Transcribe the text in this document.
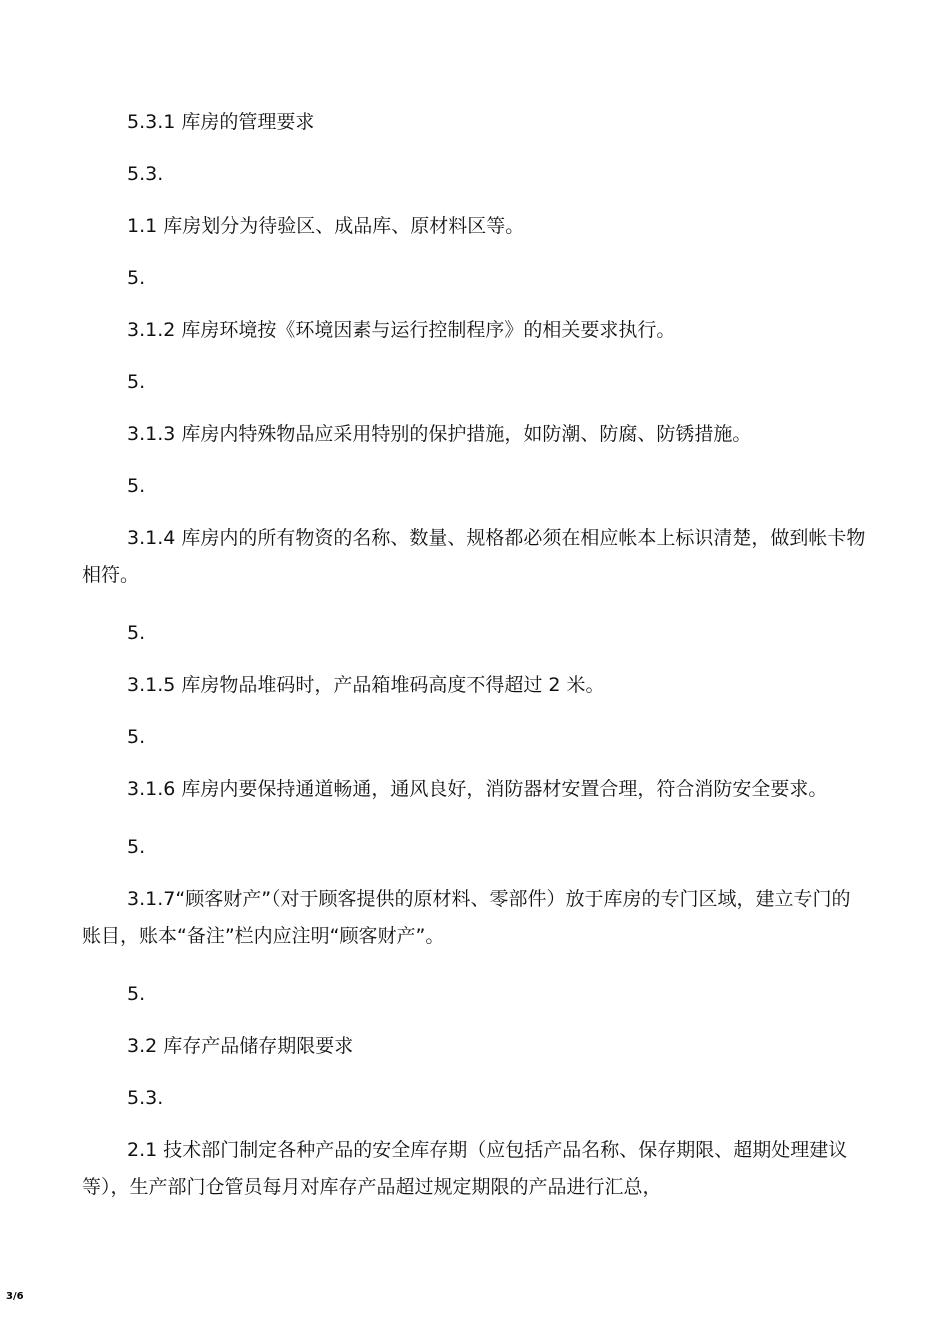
5.3.1 库房的管理要求

5.3.

1.1 库房划分为待验区、成品库、原材料区等。

5.

3.1.2 库房环境按《环境因素与运行控制程序》的相关要求执行。

5.

3.1.3 库房内特殊物品应采用特别的保护措施，如防潮、防腐、防锈措施。

5.

3.1.4 库房内的所有物资的名称、数量、规格都必须在相应帐本上标识清楚，做到帐卡物相符。

5.

3.1.5 库房物品堆码时，产品箱堆码高度不得超过 2 米。

5.

3.1.6 库房内要保持通道畅通，通风良好，消防器材安置合理，符合消防安全要求。

5.

3.1.7“顾客财产”（对于顾客提供的原材料、零部件）放于库房的专门区域，建立专门的账目，账本“备注”栏内应注明“顾客财产”。

5.

3.2 库存产品储存期限要求

5.3.

2.1 技术部门制定各种产品的安全库存期（应包括产品名称、保存期限、超期处理建议等），生产部门仓管员每月对库存产品超过规定期限的产品进行汇总，

3/6
